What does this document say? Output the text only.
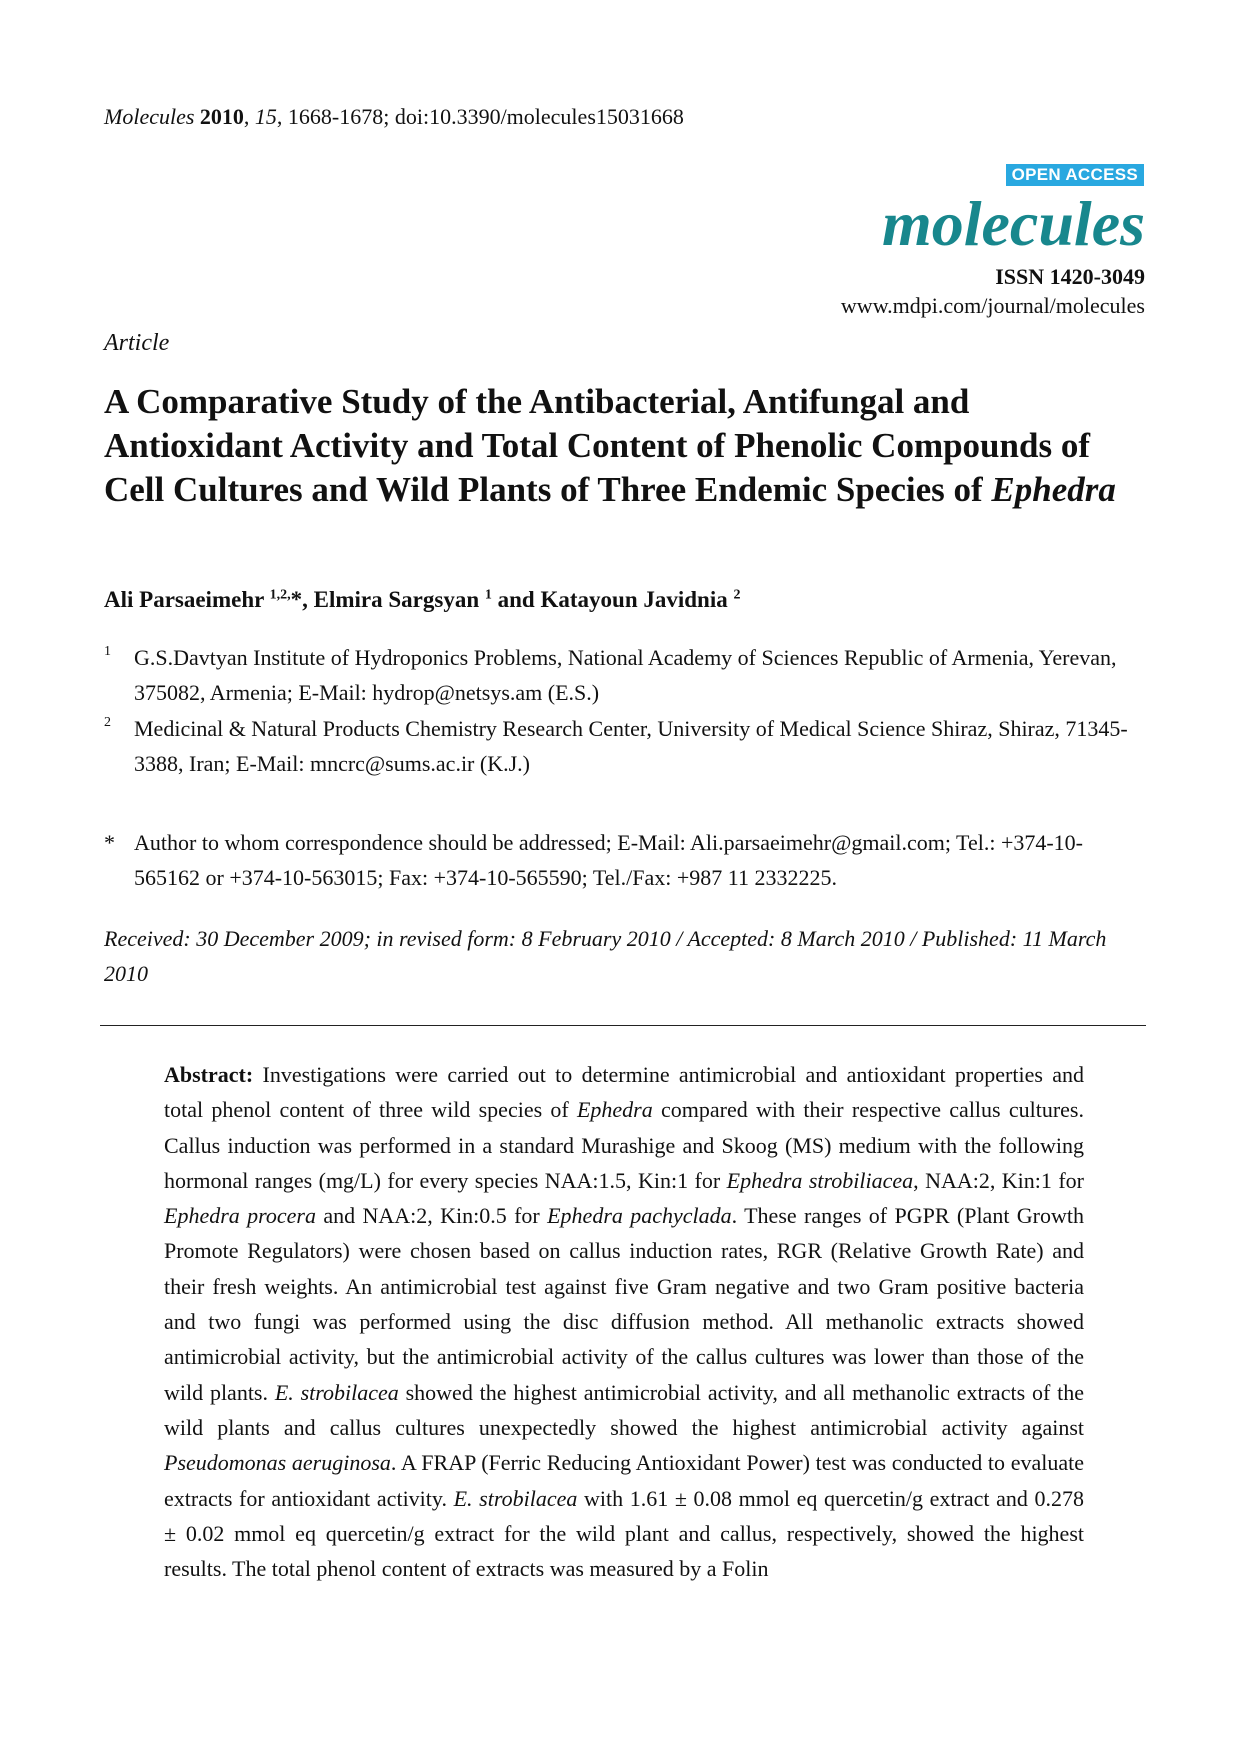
Molecules 2010, 15, 1668-1678; doi:10.3390/molecules15031668
OPEN ACCESS
molecules
ISSN 1420-3049
www.mdpi.com/journal/molecules
Article
A Comparative Study of the Antibacterial, Antifungal and Antioxidant Activity and Total Content of Phenolic Compounds of Cell Cultures and Wild Plants of Three Endemic Species of Ephedra
Ali Parsaeimehr $^{1,2,}$*, Elmira Sargsyan $^1$ and Katayoun Javidnia $^2$
1 G.S.Davtyan Institute of Hydroponics Problems, National Academy of Sciences Republic of Armenia, Yerevan, 375082, Armenia; E-Mail: hydrop@netsys.am (E.S.)
2 Medicinal & Natural Products Chemistry Research Center, University of Medical Science Shiraz, Shiraz, 71345-3388, Iran; E-Mail: mncrc@sums.ac.ir (K.J.)
* Author to whom correspondence should be addressed; E-Mail: Ali.parsaeimehr@gmail.com; Tel.: +374-10-565162 or +374-10-563015; Fax: +374-10-565590; Tel./Fax: +987 11 2332225.
Received: 30 December 2009; in revised form: 8 February 2010 / Accepted: 8 March 2010 / Published: 11 March 2010
Abstract: Investigations were carried out to determine antimicrobial and antioxidant properties and total phenol content of three wild species of Ephedra compared with their respective callus cultures. Callus induction was performed in a standard Murashige and Skoog (MS) medium with the following hormonal ranges (mg/L) for every species NAA:1.5, Kin:1 for Ephedra strobiliacea, NAA:2, Kin:1 for Ephedra procera and NAA:2, Kin:0.5 for Ephedra pachyclada. These ranges of PGPR (Plant Growth Promote Regulators) were chosen based on callus induction rates, RGR (Relative Growth Rate) and their fresh weights. An antimicrobial test against five Gram negative and two Gram positive bacteria and two fungi was performed using the disc diffusion method. All methanolic extracts showed antimicrobial activity, but the antimicrobial activity of the callus cultures was lower than those of the wild plants. E. strobilacea showed the highest antimicrobial activity, and all methanolic extracts of the wild plants and callus cultures unexpectedly showed the highest antimicrobial activity against Pseudomonas aeruginosa. A FRAP (Ferric Reducing Antioxidant Power) test was conducted to evaluate extracts for antioxidant activity. E. strobilacea with 1.61 ± 0.08 mmol eq quercetin/g extract and 0.278 ± 0.02 mmol eq quercetin/g extract for the wild plant and callus, respectively, showed the highest results. The total phenol content of extracts was measured by a Folin
